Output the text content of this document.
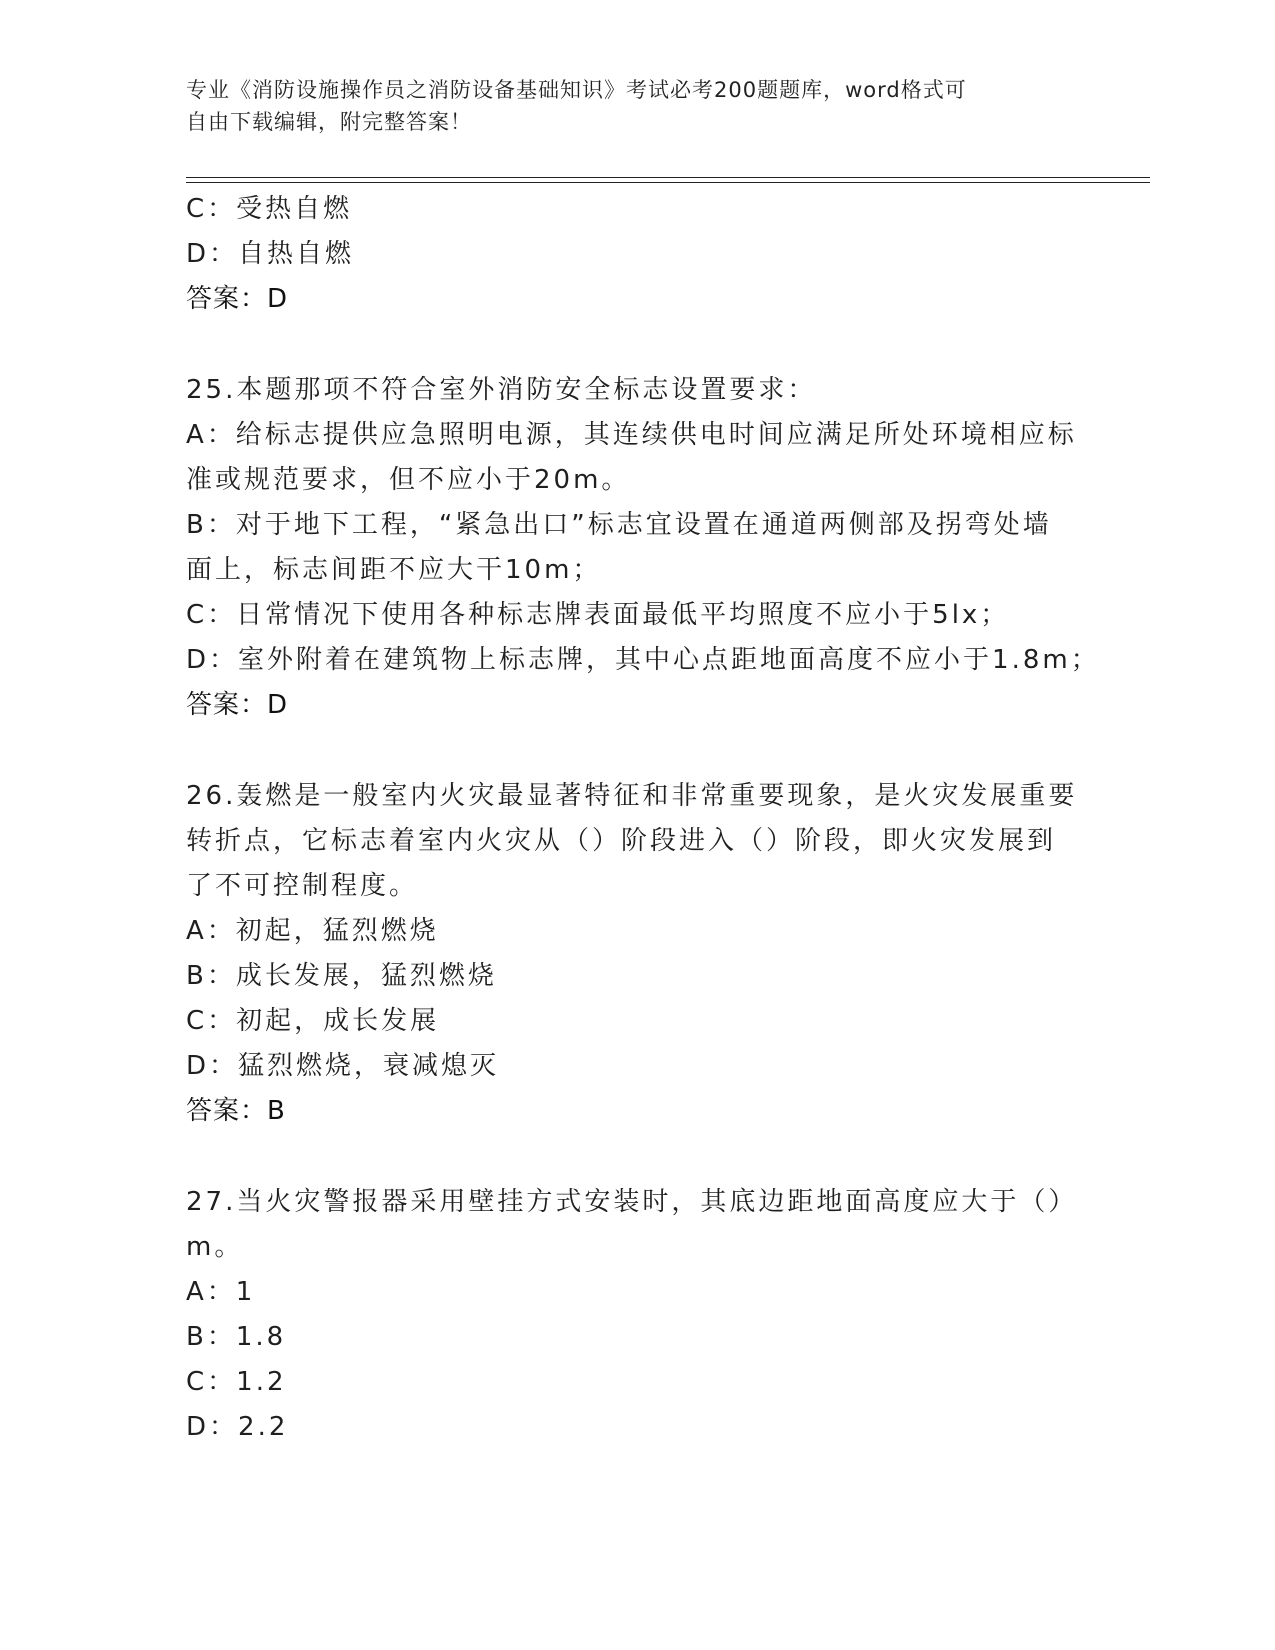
专业《消防设施操作员之消防设备基础知识》考试必考200题题库，word格式可
自由下载编辑，附完整答案！
C：受热自燃
D：自热自燃
答案：D
25.本题那项不符合室外消防安全标志设置要求：
A：给标志提供应急照明电源，其连续供电时间应满足所处环境相应标
准或规范要求，但不应小于20m。
B：对于地下工程，“紧急出口”标志宜设置在通道两侧部及拐弯处墙
面上，标志间距不应大干10m；
C：日常情况下使用各种标志牌表面最低平均照度不应小于5lx；
D：室外附着在建筑物上标志牌，其中心点距地面高度不应小于1.8m；
答案：D
26.轰燃是一般室内火灾最显著特征和非常重要现象，是火灾发展重要
转折点，它标志着室内火灾从（）阶段进入（）阶段，即火灾发展到
了不可控制程度。
A：初起，猛烈燃烧
B：成长发展，猛烈燃烧
C：初起，成长发展
D：猛烈燃烧，衰减熄灭
答案：B
27.当火灾警报器采用壁挂方式安装时，其底边距地面高度应大于（）
m。
A：1
B：1.8
C：1.2
D：2.2
